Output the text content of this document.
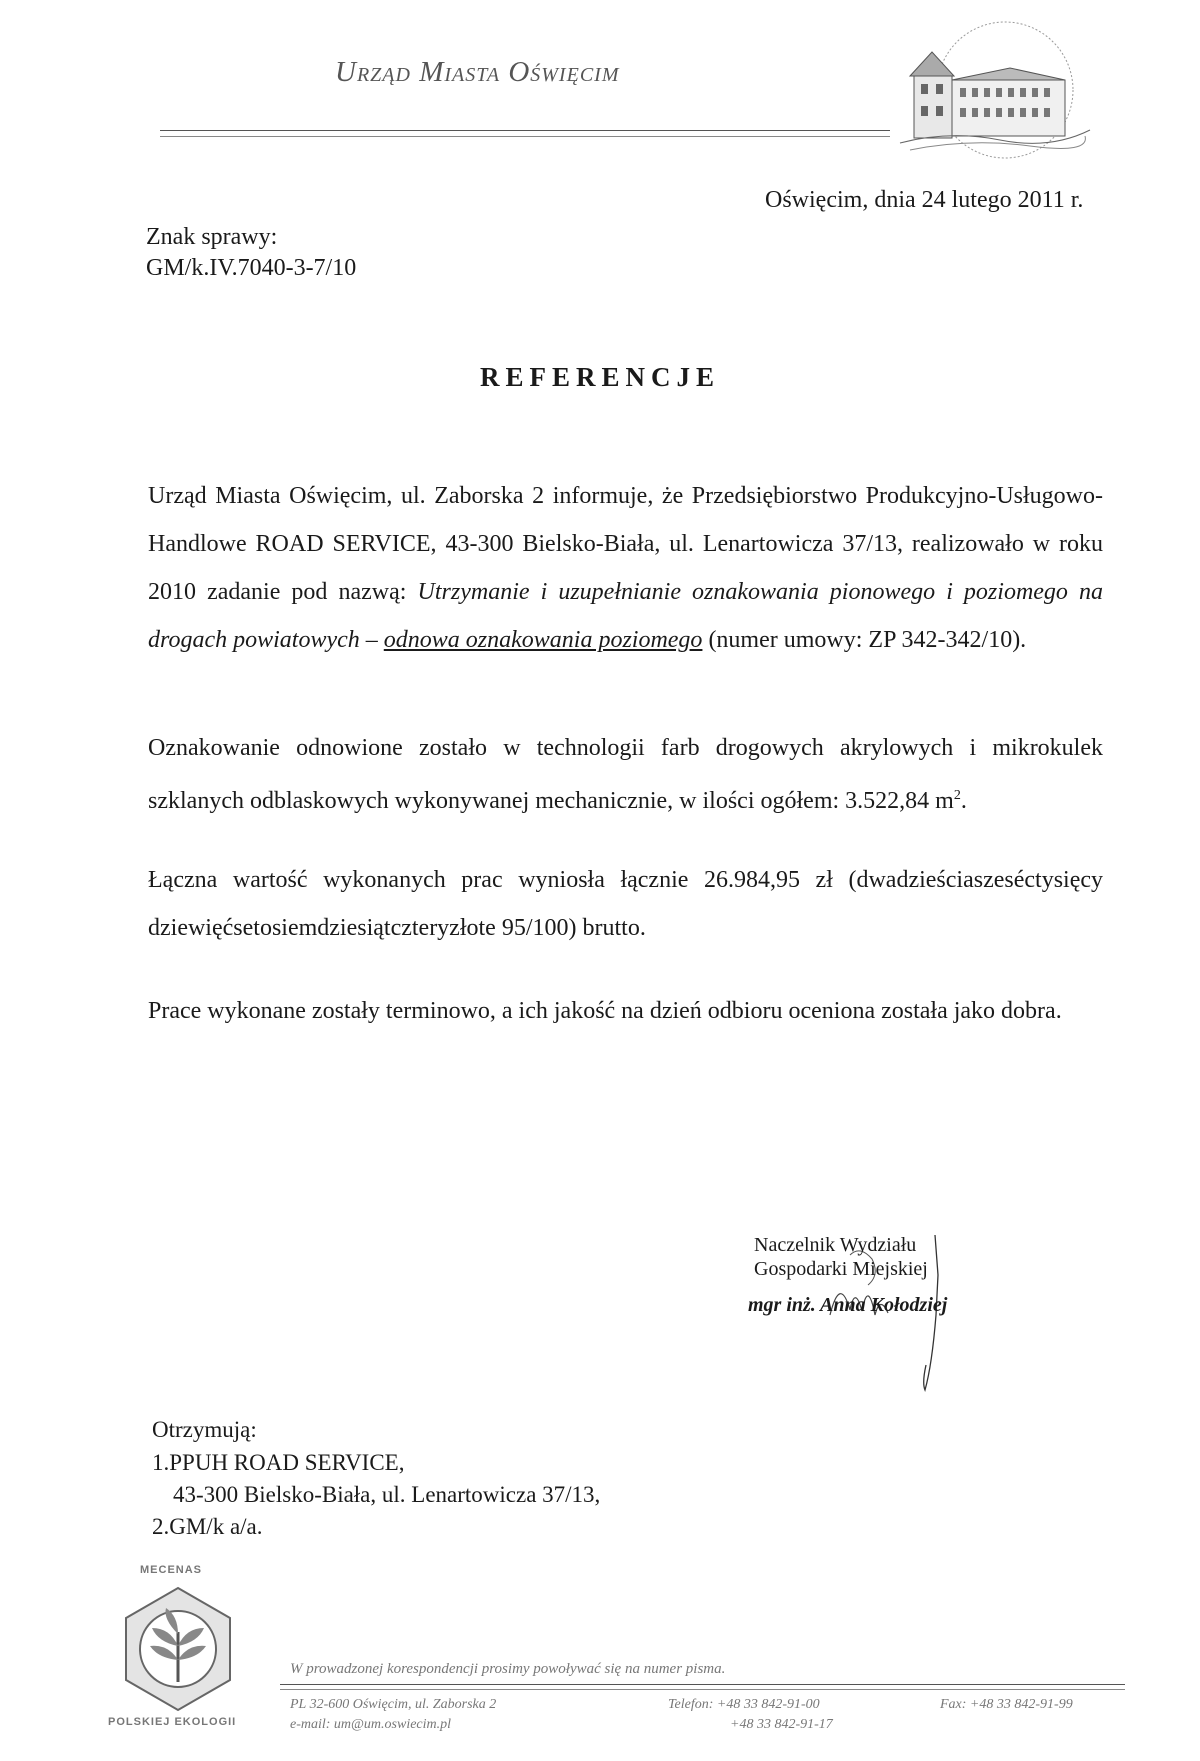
Urząd Miasta Oświęcim
Oświęcim, dnia 24 lutego 2011 r.
Znak sprawy:
GM/k.IV.7040-3-7/10
REFERENCJE
Urząd Miasta Oświęcim, ul. Zaborska 2 informuje, że Przedsiębiorstwo Produkcyjno-Usługowo-Handlowe ROAD SERVICE, 43-300 Bielsko-Biała, ul. Lenartowicza 37/13, realizowało w roku 2010 zadanie pod nazwą: Utrzymanie i uzupełnianie oznakowania pionowego i poziomego na drogach powiatowych – odnowa oznakowania poziomego (numer umowy: ZP 342-342/10).
Oznakowanie odnowione zostało w technologii farb drogowych akrylowych i mikrokulek szklanych odblaskowych wykonywanej mechanicznie, w ilości ogółem: 3.522,84 $m^2$.
Łączna wartość wykonanych prac wyniosła łącznie 26.984,95 zł (dwadzieściaszeséctysięcy dziewięćsetosiemdziesiątczteryzłote 95/100) brutto.
Prace wykonane zostały terminowo, a ich jakość na dzień odbioru oceniona została jako dobra.
Naczelnik Wydziału
Gospodarki Miejskiej
mgr inż. Anna Kołodziej
Otrzymują:
1.PPUH ROAD SERVICE,
43-300 Bielsko-Biała, ul. Lenartowicza 37/13,
2.GM/k a/a.
MECENAS
POLSKIEJ EKOLOGII
W prowadzonej korespondencji prosimy powoływać się na numer pisma.
PL 32-600 Oświęcim, ul. Zaborska 2
e-mail: um@um.oswiecim.pl
Telefon: +48 33 842-91-00
+48 33 842-91-17
Fax: +48 33 842-91-99
